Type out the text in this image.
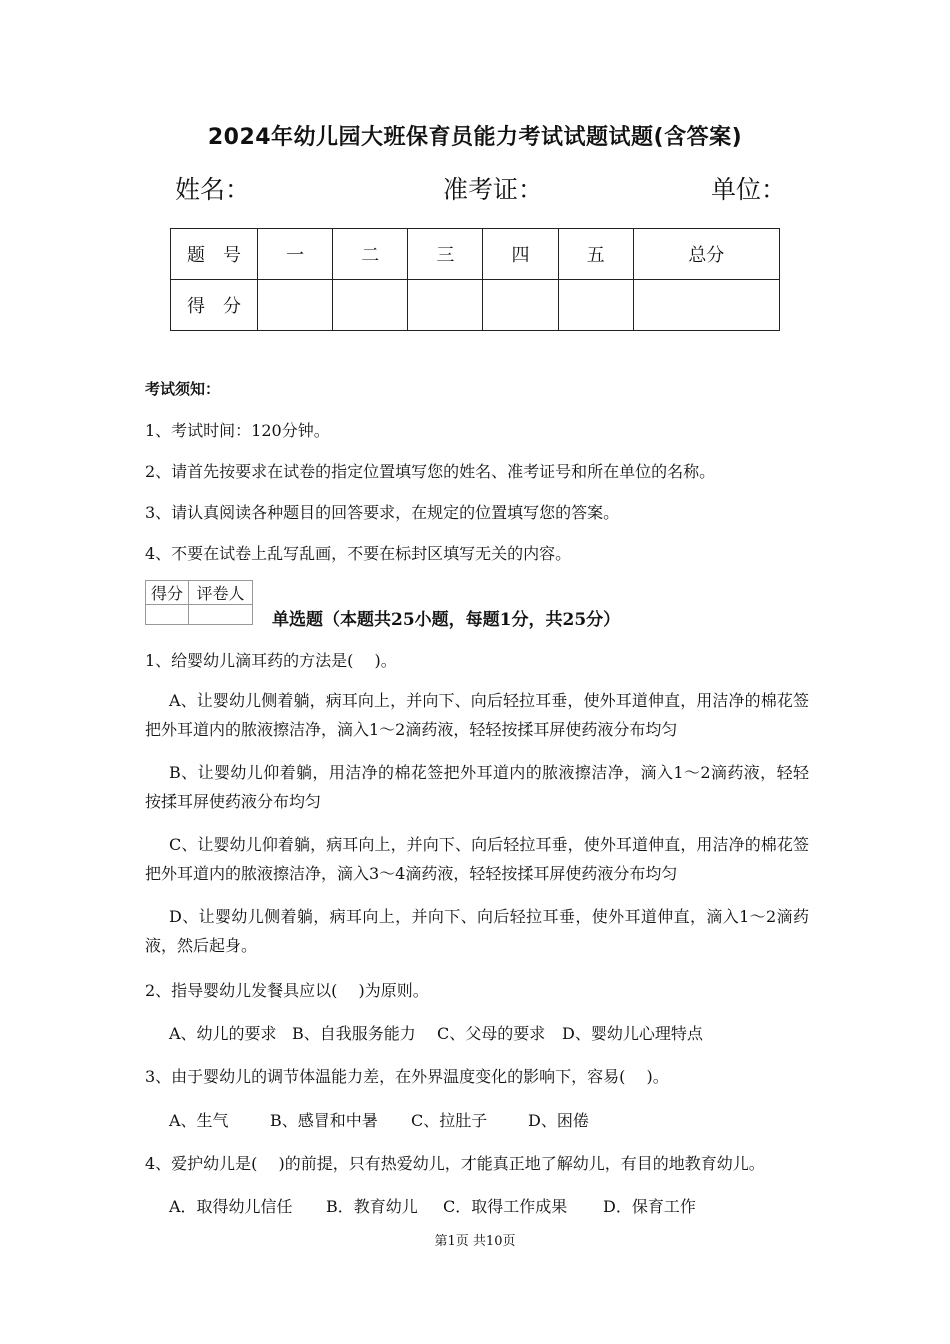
2024年幼儿园大班保育员能力考试试题试题(含答案)
姓名：	准考证：	单位：
题　号	一	二	三	四	五	总分
得　分						
考试须知：
1、考试时间：120分钟。
2、请首先按要求在试卷的指定位置填写您的姓名、准考证号和所在单位的名称。
3、请认真阅读各种题目的回答要求，在规定的位置填写您的答案。
4、不要在试卷上乱写乱画，不要在标封区填写无关的内容。
得分	评卷人

单选题（本题共25小题，每题1分，共25分）
1、给婴幼儿滴耳药的方法是(　 )。
A、让婴幼儿侧着躺，病耳向上，并向下、向后轻拉耳垂，使外耳道伸直，用洁净的棉花签把外耳道内的脓液擦洁净，滴入1～2滴药液，轻轻按揉耳屏使药液分布均匀
B、让婴幼儿仰着躺，用洁净的棉花签把外耳道内的脓液擦洁净，滴入1～2滴药液，轻轻按揉耳屏使药液分布均匀
C、让婴幼儿仰着躺，病耳向上，并向下、向后轻拉耳垂，使外耳道伸直，用洁净的棉花签把外耳道内的脓液擦洁净，滴入3～4滴药液，轻轻按揉耳屏使药液分布均匀
D、让婴幼儿侧着躺，病耳向上，并向下、向后轻拉耳垂，使外耳道伸直，滴入1～2滴药液，然后起身。
2、指导婴幼儿发餐具应以(　 )为原则。
A、幼儿的要求 B、自我服务能力 C、父母的要求 D、婴幼儿心理特点
3、由于婴幼儿的调节体温能力差，在外界温度变化的影响下，容易(　 )。
A、生气	B、感冒和中暑 C、拉肚子	D、困倦
4、爱护幼儿是(　 )的前提，只有热爱幼儿，才能真正地了解幼儿，有目的地教育幼儿。
A．取得幼儿信任 B．教育幼儿 C．取得工作成果 D．保育工作
第1页 共10页
